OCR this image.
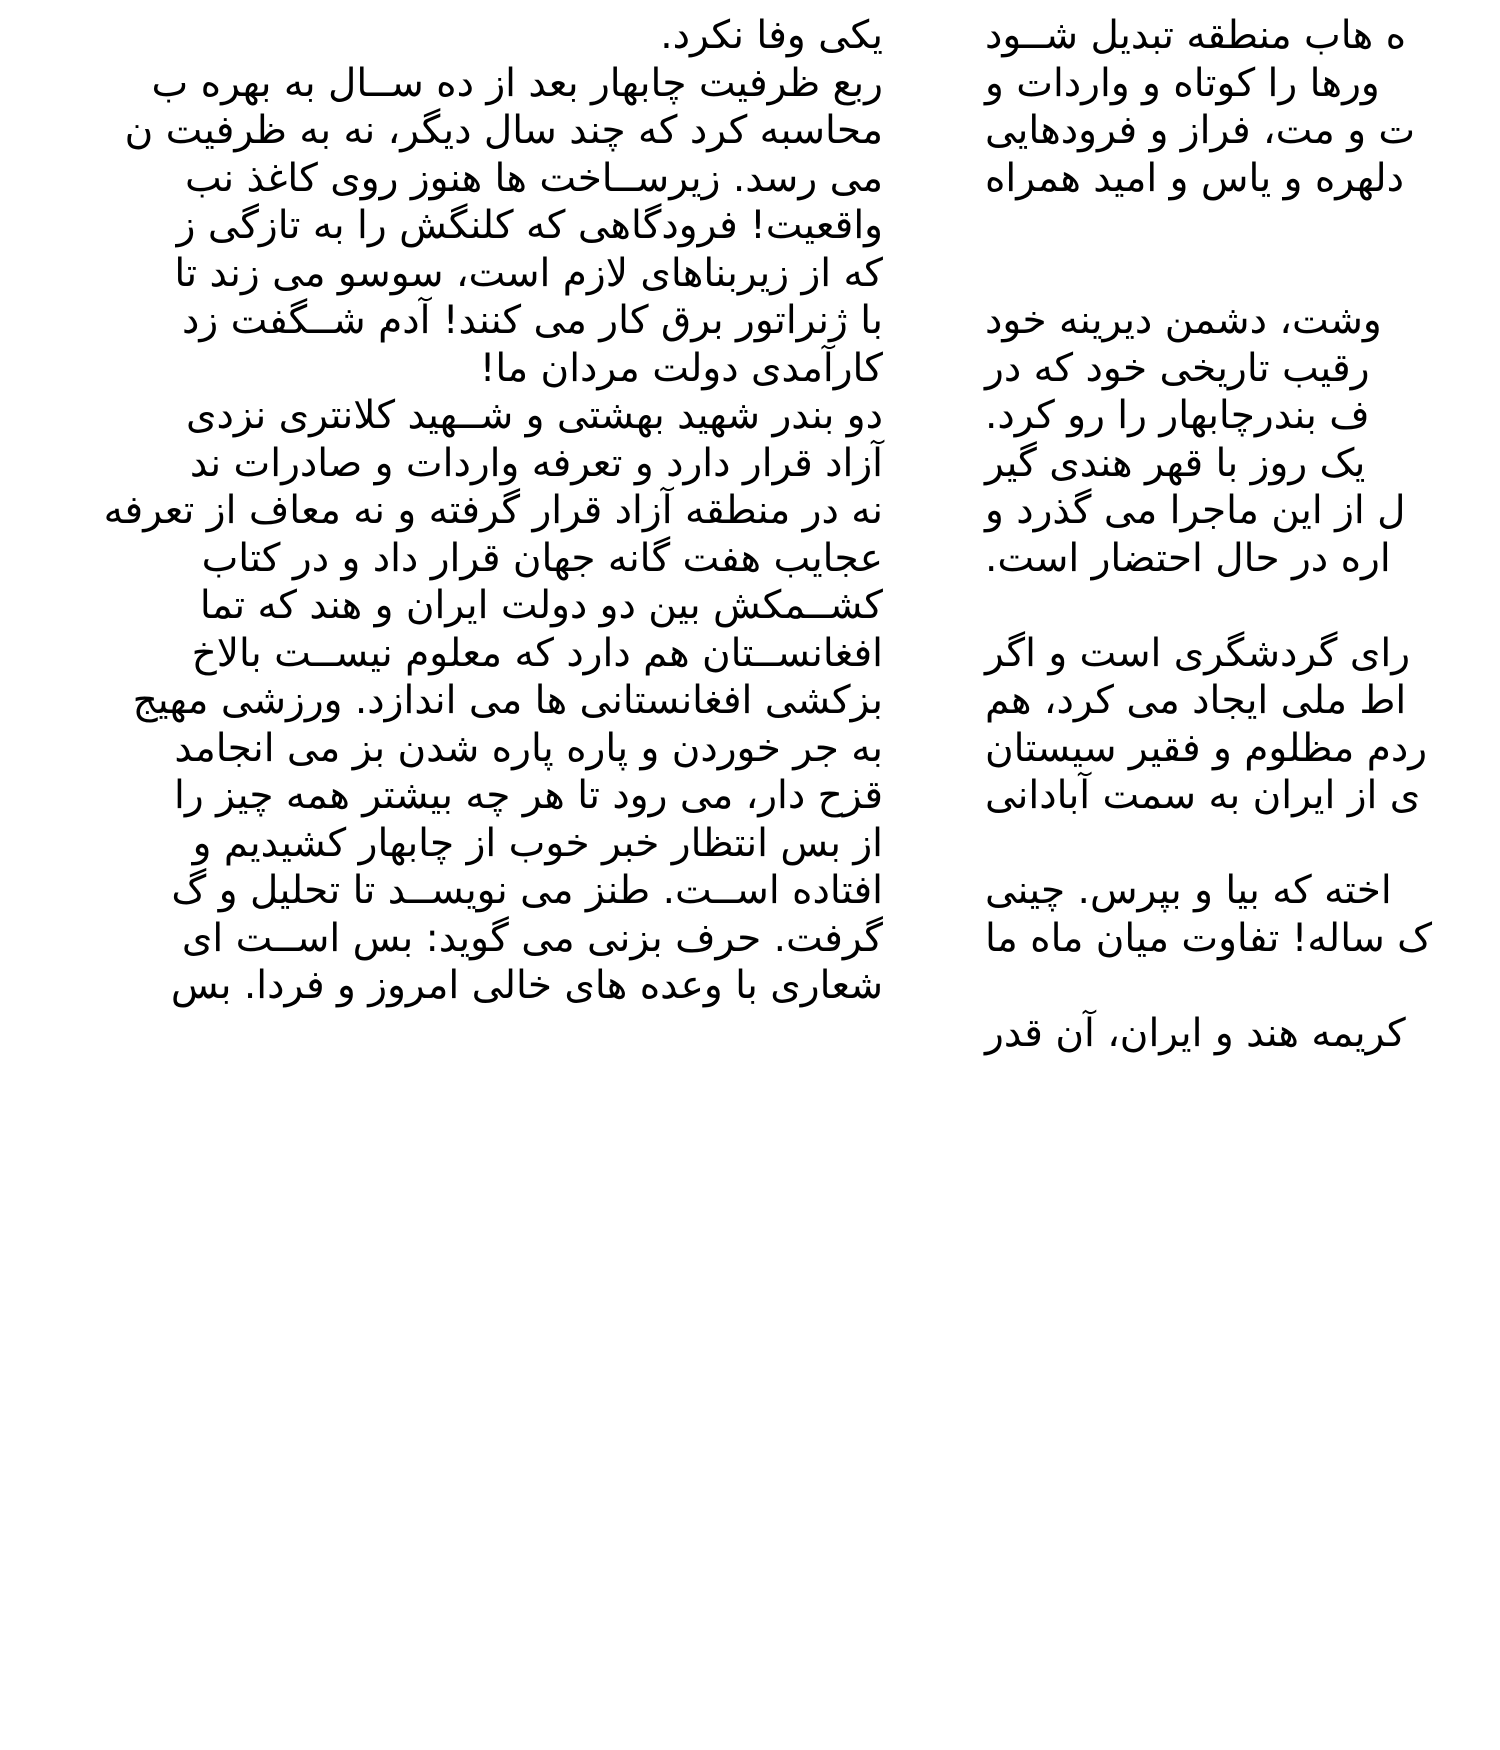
یکی وفا نکرد.
ربع ظرفیت چابهار بعد از ده ســال به بهره ب
محاسبه کرد که چند سال دیگر، نه به ظرفیت ن
می رسد. زیرســاخت ها هنوز روی کاغذ نب
واقعیت! فرودگاهی که کلنگش را به تازگی ز
که از زیربناهای لازم است، سوسو می زند تا
با ژنراتور برق کار می کنند! آدم شــگفت زد
کارآمدی دولت مردان ما!
دو بندر شهید بهشتی و شــهید کلانتری نزدی
آزاد قرار دارد و تعرفه واردات و صادرات ند
نه در منطقه آزاد قرار گرفته و نه معاف از تعرفه
عجایب هفت گانه جهان قرار داد و در کتاب
کشــمکش بین دو دولت ایران و هند که تما
افغانســتان هم دارد که معلوم نیســت بالاخ
بزکشی افغانستانی ها می اندازد. ورزشی مهیج
به جر خوردن و پاره پاره شدن بز می انجامد
قزح دار، می رود تا هر چه بیشتر همه چیز را
از بس انتظار خبر خوب از چابهار کشیدیم و
افتاده اســت. طنز می نویســد تا تحلیل و گ
گرفت. حرف بزنی می گوید: بس اســت ای
شعاری با وعده های خالی امروز و فردا. بس
ه هاب منطقه تبدیل شــود
ورها را کوتاه و واردات و
ت و مت، فراز و فرودهایی
دلهره و یاس و امید همراه
وشت، دشمن دیرینه خود
رقیب تاریخی خود که در
ف بندرچابهار را رو کرد.
یک روز با قهر هندی گیر
ل از این ماجرا می گذرد و
اره در حال احتضار است.
رای گردشگری است و اگر
اط ملی ایجاد می کرد، هم
ردم مظلوم و فقیر سیستان
ی از ایران به سمت آبادانی
اخته که بیا و بپرس. چینی
ک ساله! تفاوت میان ماه ما
کریمه هند و ایران، آن قدر
